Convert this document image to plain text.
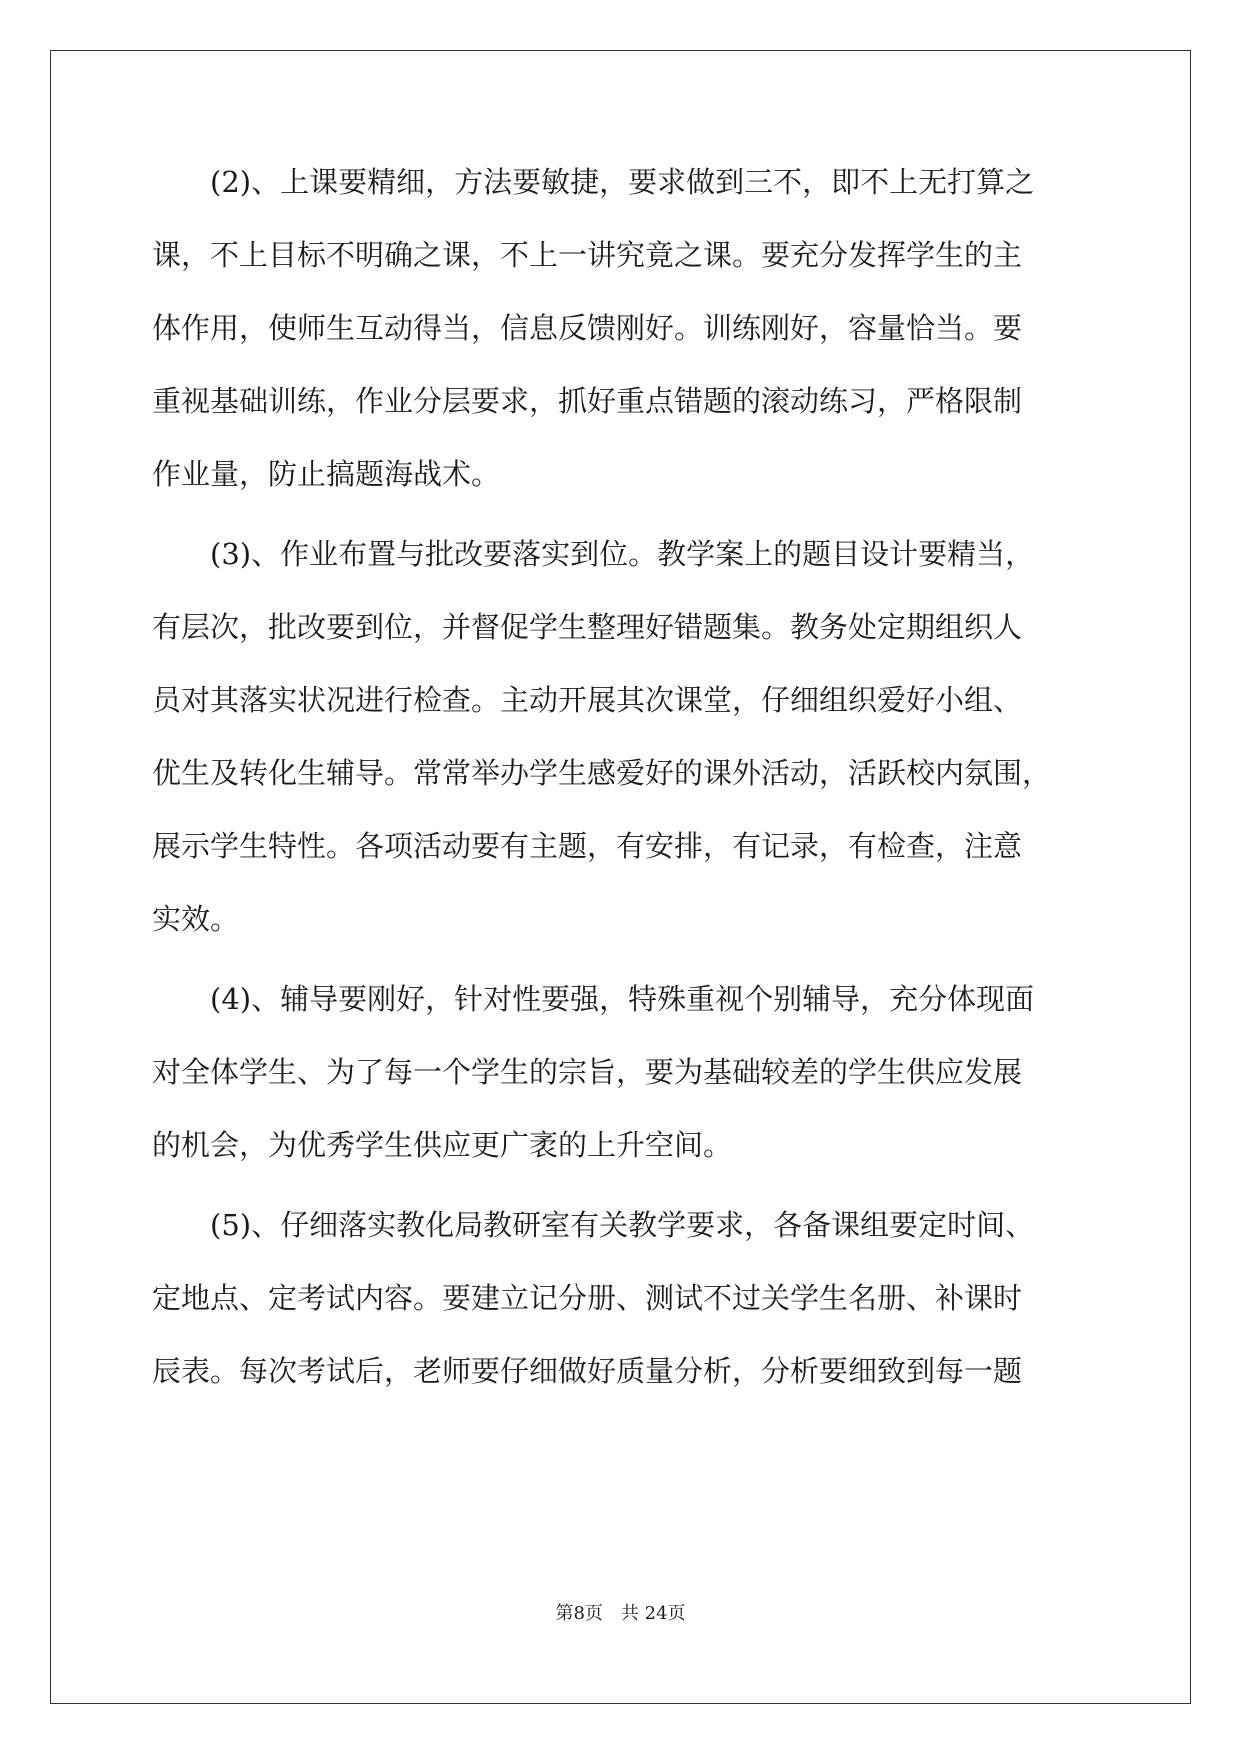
　　(2)、上课要精细，方法要敏捷，要求做到三不，即不上无打算之
课，不上目标不明确之课，不上一讲究竟之课。要充分发挥学生的主
体作用，使师生互动得当，信息反馈刚好。训练刚好，容量恰当。要
重视基础训练，作业分层要求，抓好重点错题的滚动练习，严格限制
作业量，防止搞题海战术。
　　(3)、作业布置与批改要落实到位。教学案上的题目设计要精当，
有层次，批改要到位，并督促学生整理好错题集。教务处定期组织人
员对其落实状况进行检查。主动开展其次课堂，仔细组织爱好小组、
优生及转化生辅导。常常举办学生感爱好的课外活动，活跃校内氛围，
展示学生特性。各项活动要有主题，有安排，有记录，有检查，注意
实效。
　　(4)、辅导要刚好，针对性要强，特殊重视个别辅导，充分体现面
对全体学生、为了每一个学生的宗旨，要为基础较差的学生供应发展
的机会，为优秀学生供应更广袤的上升空间。
　　(5)、仔细落实教化局教研室有关教学要求，各备课组要定时间、
定地点、定考试内容。要建立记分册、测试不过关学生名册、补课时
辰表。每次考试后，老师要仔细做好质量分析，分析要细致到每一题
第8页　共 24页
